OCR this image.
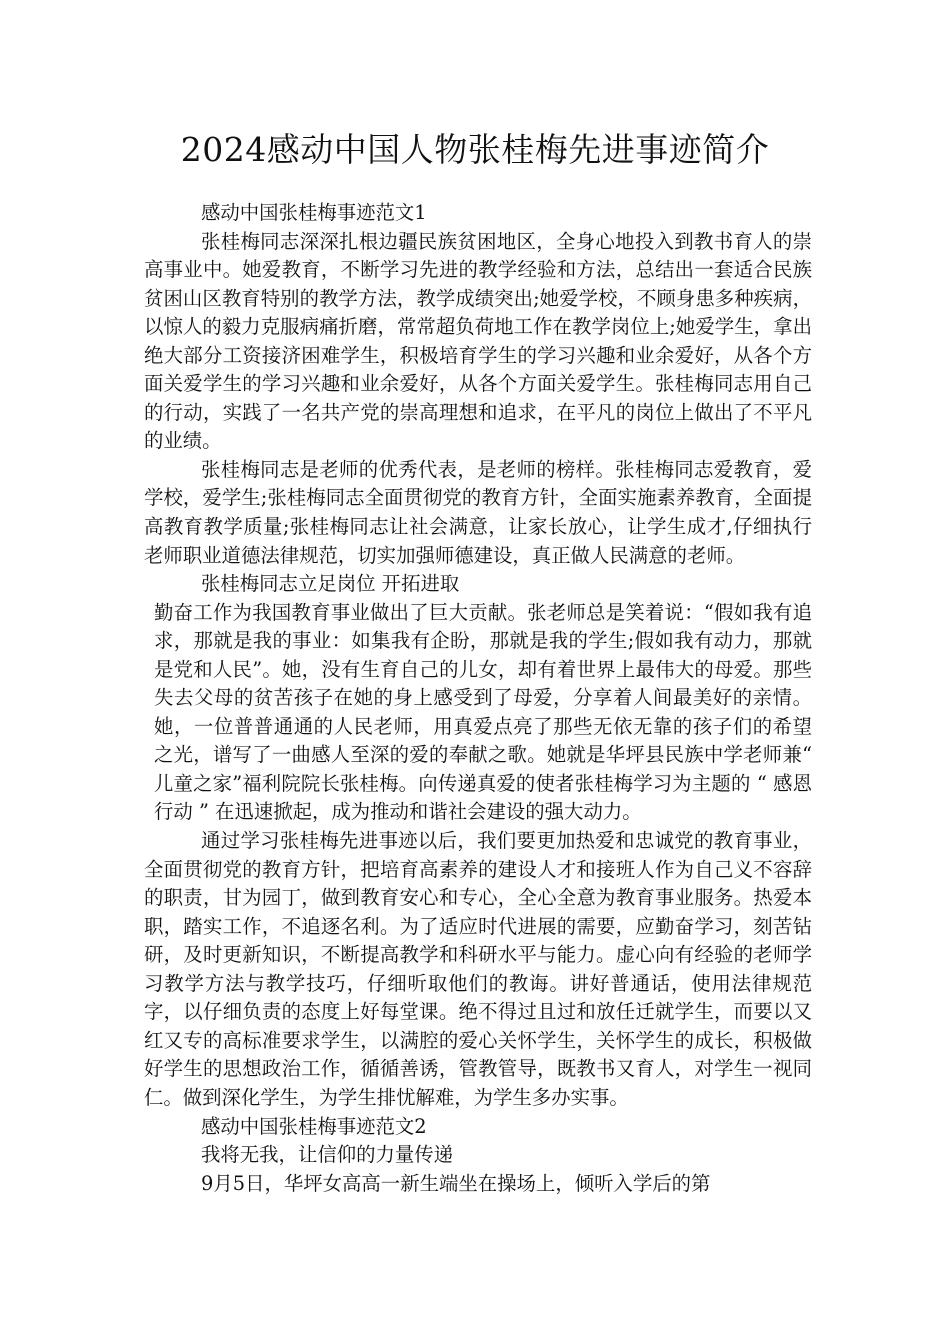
2024感动中国人物张桂梅先进事迹简介

感动中国张桂梅事迹范文1

张桂梅同志深深扎根边疆民族贫困地区，全身心地投入到教书育人的崇高事业中。她爱教育，不断学习先进的教学经验和方法，总结出一套适合民族贫困山区教育特别的教学方法，教学成绩突出;她爱学校，不顾身患多种疾病，以惊人的毅力克服病痛折磨，常常超负荷地工作在教学岗位上;她爱学生，拿出绝大部分工资接济困难学生，积极培育学生的学习兴趣和业余爱好，从各个方面关爱学生的学习兴趣和业余爱好，从各个方面关爱学生。张桂梅同志用自己的行动，实践了一名共产党的崇高理想和追求，在平凡的岗位上做出了不平凡的业绩。

张桂梅同志是老师的优秀代表，是老师的榜样。张桂梅同志爱教育，爱学校，爱学生;张桂梅同志全面贯彻党的教育方针，全面实施素养教育，全面提高教育教学质量;张桂梅同志让社会满意，让家长放心，让学生成才,仔细执行老师职业道德法律规范，切实加强师德建设，真正做人民满意的老师。

张桂梅同志立足岗位 开拓进取

勤奋工作为我国教育事业做出了巨大贡献。张老师总是笑着说：“假如我有追求，那就是我的事业：如集我有企盼，那就是我的学生;假如我有动力，那就是党和人民”。她，没有生育自己的儿女，却有着世界上最伟大的母爱。那些失去父母的贫苦孩子在她的身上感受到了母爱，分享着人间最美好的亲情。她，一位普普通通的人民老师，用真爱点亮了那些无依无靠的孩子们的希望之光，谱写了一曲感人至深的爱的奉献之歌。她就是华坪县民族中学老师兼“ 儿童之家”福利院院长张桂梅。向传递真爱的使者张桂梅学习为主题的 “ 感恩行动 ” 在迅速掀起，成为推动和谐社会建设的强大动力。

通过学习张桂梅先进事迹以后，我们要更加热爱和忠诚党的教育事业，全面贯彻党的教育方针，把培育高素养的建设人才和接班人作为自己义不容辞的职责，甘为园丁，做到教育安心和专心，全心全意为教育事业服务。热爱本职，踏实工作，不追逐名利。为了适应时代进展的需要，应勤奋学习，刻苦钻研，及时更新知识，不断提高教学和科研水平与能力。虚心向有经验的老师学习教学方法与教学技巧，仔细听取他们的教诲。讲好普通话，使用法律规范字，以仔细负责的态度上好每堂课。绝不得过且过和放任迁就学生，而要以又红又专的高标准要求学生，以满腔的爱心关怀学生，关怀学生的成长，积极做好学生的思想政治工作，循循善诱，管教管导，既教书又育人，对学生一视同仁。做到深化学生，为学生排忧解难，为学生多办实事。

感动中国张桂梅事迹范文2

我将无我，让信仰的力量传递

9月5日，华坪女高高一新生端坐在操场上，倾听入学后的第
